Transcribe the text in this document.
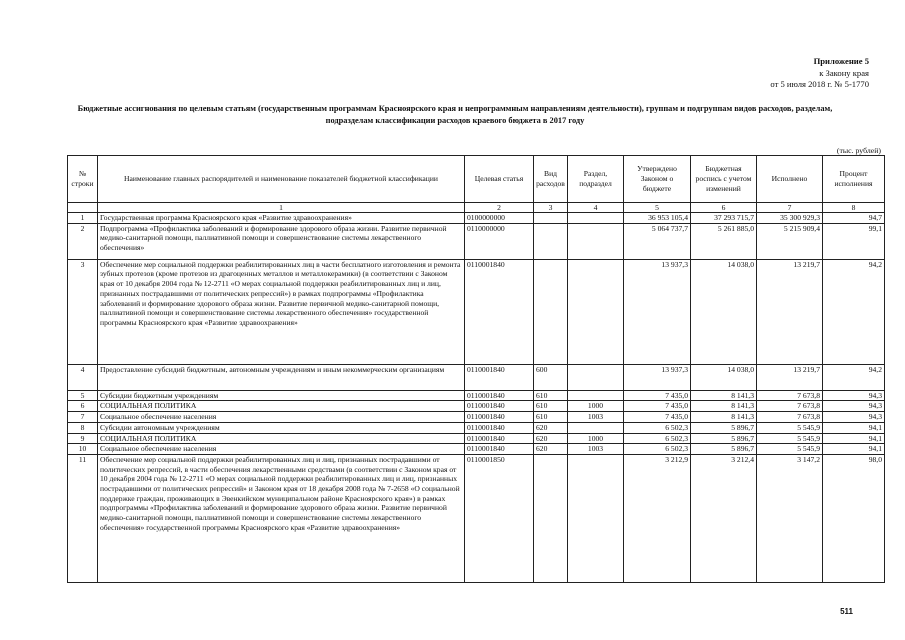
Приложение 5
к Закону края
от 5 июля 2018 г. № 5-1770
Бюджетные ассигнования по целевым статьям (государственным программам Красноярского края и непрограммным направлениям деятельности), группам и подгруппам видов расходов, разделам, подразделам классификации расходов краевого бюджета в 2017 году
(тыс. рублей)
№ строки	Наименование главных распорядителей и наименование показателей бюджетной классификации	Целевая статья	Вид расходов	Раздел, подраздел	Утверждено Законом о бюджете	Бюджетная роспись с учетом изменений	Исполнено	Процент исполнения
	1	2	3	4	5	6	7	8
1	Государственная программа Красноярского края «Развитие здравоохранения»	0100000000			36 953 105,4	37 293 715,7	35 300 929,3	94,7
2	Подпрограмма «Профилактика заболеваний и формирование здорового образа жизни. Развитие первичной медико-санитарной помощи, паллиативной помощи и совершенствование системы лекарственного обеспечения»	0110000000			5 064 737,7	5 261 885,0	5 215 909,4	99,1
3	Обеспечение мер социальной поддержки реабилитированных лиц в части бесплатного изготовления и ремонта зубных протезов (кроме протезов из драгоценных металлов и металлокерамики) (в соответствии с Законом края от 10 декабря 2004 года № 12-2711 «О мерах социальной поддержки реабилитированных лиц и лиц, признанных пострадавшими от политических репрессий») в рамках подпрограммы «Профилактика заболеваний и формирование здорового образа жизни. Развитие первичной медико-санитарной помощи, паллиативной помощи и совершенствование системы лекарственного обеспечения» государственной программы Красноярского края «Развитие здравоохранения»	0110001840			13 937,3	14 038,0	13 219,7	94,2
4	Предоставление субсидий бюджетным, автономным учреждениям и иным некоммерческим организациям	0110001840	600		13 937,3	14 038,0	13 219,7	94,2
5	Субсидии бюджетным учреждениям	0110001840	610		7 435,0	8 141,3	7 673,8	94,3
6	СОЦИАЛЬНАЯ ПОЛИТИКА	0110001840	610	1000	7 435,0	8 141,3	7 673,8	94,3
7	Социальное обеспечение населения	0110001840	610	1003	7 435,0	8 141,3	7 673,8	94,3
8	Субсидии автономным учреждениям	0110001840	620		6 502,3	5 896,7	5 545,9	94,1
9	СОЦИАЛЬНАЯ ПОЛИТИКА	0110001840	620	1000	6 502,3	5 896,7	5 545,9	94,1
10	Социальное обеспечение населения	0110001840	620	1003	6 502,3	5 896,7	5 545,9	94,1
11	Обеспечение мер социальной поддержки реабилитированных лиц и лиц, признанных пострадавшими от политических репрессий, в части обеспечения лекарственными средствами (в соответствии с Законом края от 10 декабря 2004 года № 12-2711 «О мерах социальной поддержки реабилитированных лиц и лиц, признанных пострадавшими от политических репрессий» и Законом края от 18 декабря 2008 года № 7-2658 «О социальной поддержке граждан, проживающих в Эвенкийском муниципальном районе Красноярского края») в рамках подпрограммы «Профилактика заболеваний и формирование здорового образа жизни. Развитие первичной медико-санитарной помощи, паллиативной помощи и совершенствование системы лекарственного обеспечения» государственной программы Красноярского края «Развитие здравоохранения»	0110001850			3 212,9	3 212,4	3 147,2	98,0
511
